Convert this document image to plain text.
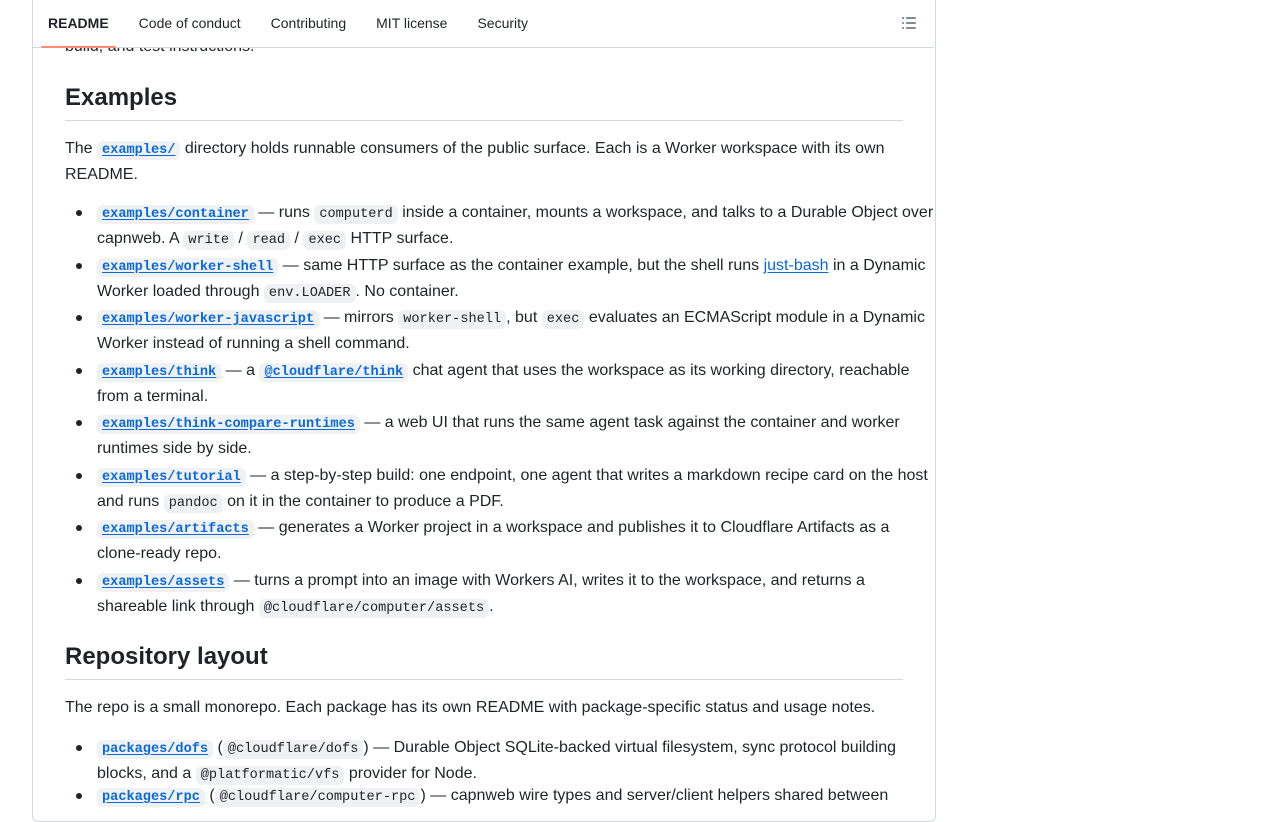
Examples

The examples/ directory holds runnable consumers of the public surface. Each is a Worker workspace with its own README.

examples/container — runs computerd inside a container, mounts a workspace, and talks to a Durable Object over capnweb. A write / read / exec HTTP surface.
examples/worker-shell — same HTTP surface as the container example, but the shell runs just-bash in a Dynamic Worker loaded through env.LOADER . No container.
examples/worker-javascript — mirrors worker-shell , but exec evaluates an ECMAScript module in a Dynamic Worker instead of running a shell command.
examples/think — a @cloudflare/think chat agent that uses the workspace as its working directory, reachable from a terminal.
examples/think-compare-runtimes — a web UI that runs the same agent task against the container and worker runtimes side by side.
examples/tutorial — a step-by-step build: one endpoint, one agent that writes a markdown recipe card on the host and runs pandoc on it in the container to produce a PDF.
examples/artifacts — generates a Worker project in a workspace and publishes it to Cloudflare Artifacts as a clone-ready repo.
examples/assets — turns a prompt into an image with Workers AI, writes it to the workspace, and returns a shareable link through @cloudflare/computer/assets .
Repository layout

The repo is a small monorepo. Each package has its own README with package-specific status and usage notes.

packages/dofs ( @cloudflare/dofs ) — Durable Object SQLite-backed virtual filesystem, sync protocol building blocks, and a @platformatic/vfs provider for Node.
packages/rpc ( @cloudflare/computer-rpc ) — capnweb wire types and server/client helpers shared between
README	Code of conduct	Contributing	MIT license	Security
